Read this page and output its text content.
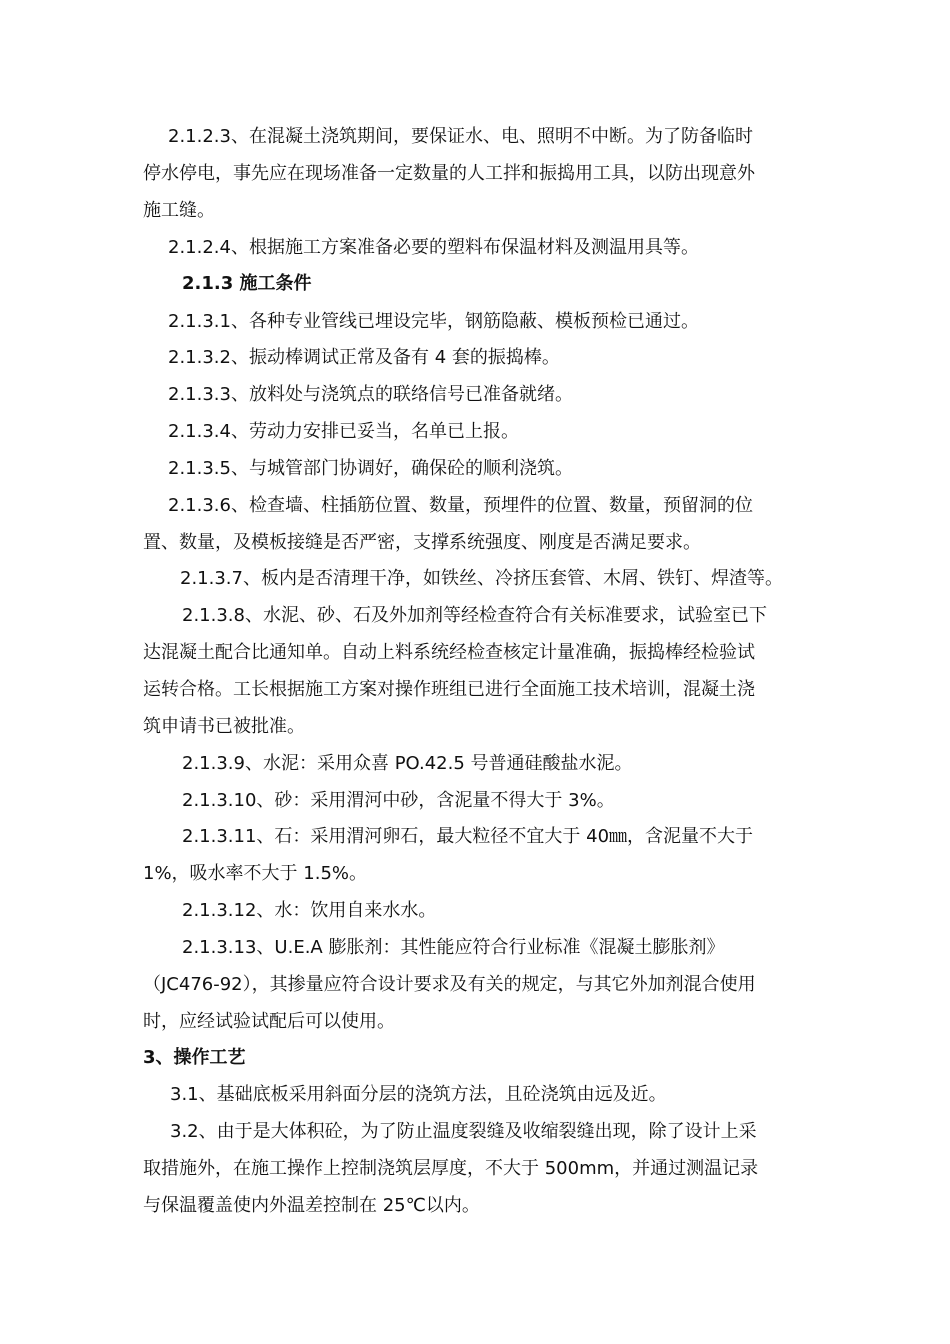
2.1.2.3、在混凝土浇筑期间，要保证水、电、照明不中断。为了防备临时
停水停电，事先应在现场准备一定数量的人工拌和振捣用工具，以防出现意外
施工缝。
2.1.2.4、根据施工方案准备必要的塑料布保温材料及测温用具等。
2.1.3 施工条件
2.1.3.1、各种专业管线已埋设完毕，钢筋隐蔽、模板预检已通过。
2.1.3.2、振动棒调试正常及备有 4 套的振捣棒。
2.1.3.3、放料处与浇筑点的联络信号已准备就绪。
2.1.3.4、劳动力安排已妥当，名单已上报。
2.1.3.5、与城管部门协调好，确保砼的顺利浇筑。
2.1.3.6、检查墙、柱插筋位置、数量，预埋件的位置、数量，预留洞的位
置、数量，及模板接缝是否严密，支撑系统强度、刚度是否满足要求。
2.1.3.7、板内是否清理干净，如铁丝、冷挤压套管、木屑、铁钉、焊渣等。
2.1.3.8、水泥、砂、石及外加剂等经检查符合有关标准要求，试验室已下
达混凝土配合比通知单。自动上料系统经检查核定计量准确，振捣棒经检验试
运转合格。工长根据施工方案对操作班组已进行全面施工技术培训，混凝土浇
筑申请书已被批准。
2.1.3.9、水泥：采用众喜 PO.42.5 号普通硅酸盐水泥。
2.1.3.10、砂：采用渭河中砂，含泥量不得大于 3%。
2.1.3.11、石：采用渭河卵石，最大粒径不宜大于 40㎜，含泥量不大于
1%，吸水率不大于 1.5%。
2.1.3.12、水：饮用自来水水。
2.1.3.13、U.E.A 膨胀剂：其性能应符合行业标准《混凝土膨胀剂》
（JC476-92），其掺量应符合设计要求及有关的规定，与其它外加剂混合使用
时，应经试验试配后可以使用。
3、操作工艺
3.1、基础底板采用斜面分层的浇筑方法，且砼浇筑由远及近。
3.2、由于是大体积砼，为了防止温度裂缝及收缩裂缝出现，除了设计上采
取措施外，在施工操作上控制浇筑层厚度，不大于 500mm，并通过测温记录
与保温覆盖使内外温差控制在 25℃以内。
